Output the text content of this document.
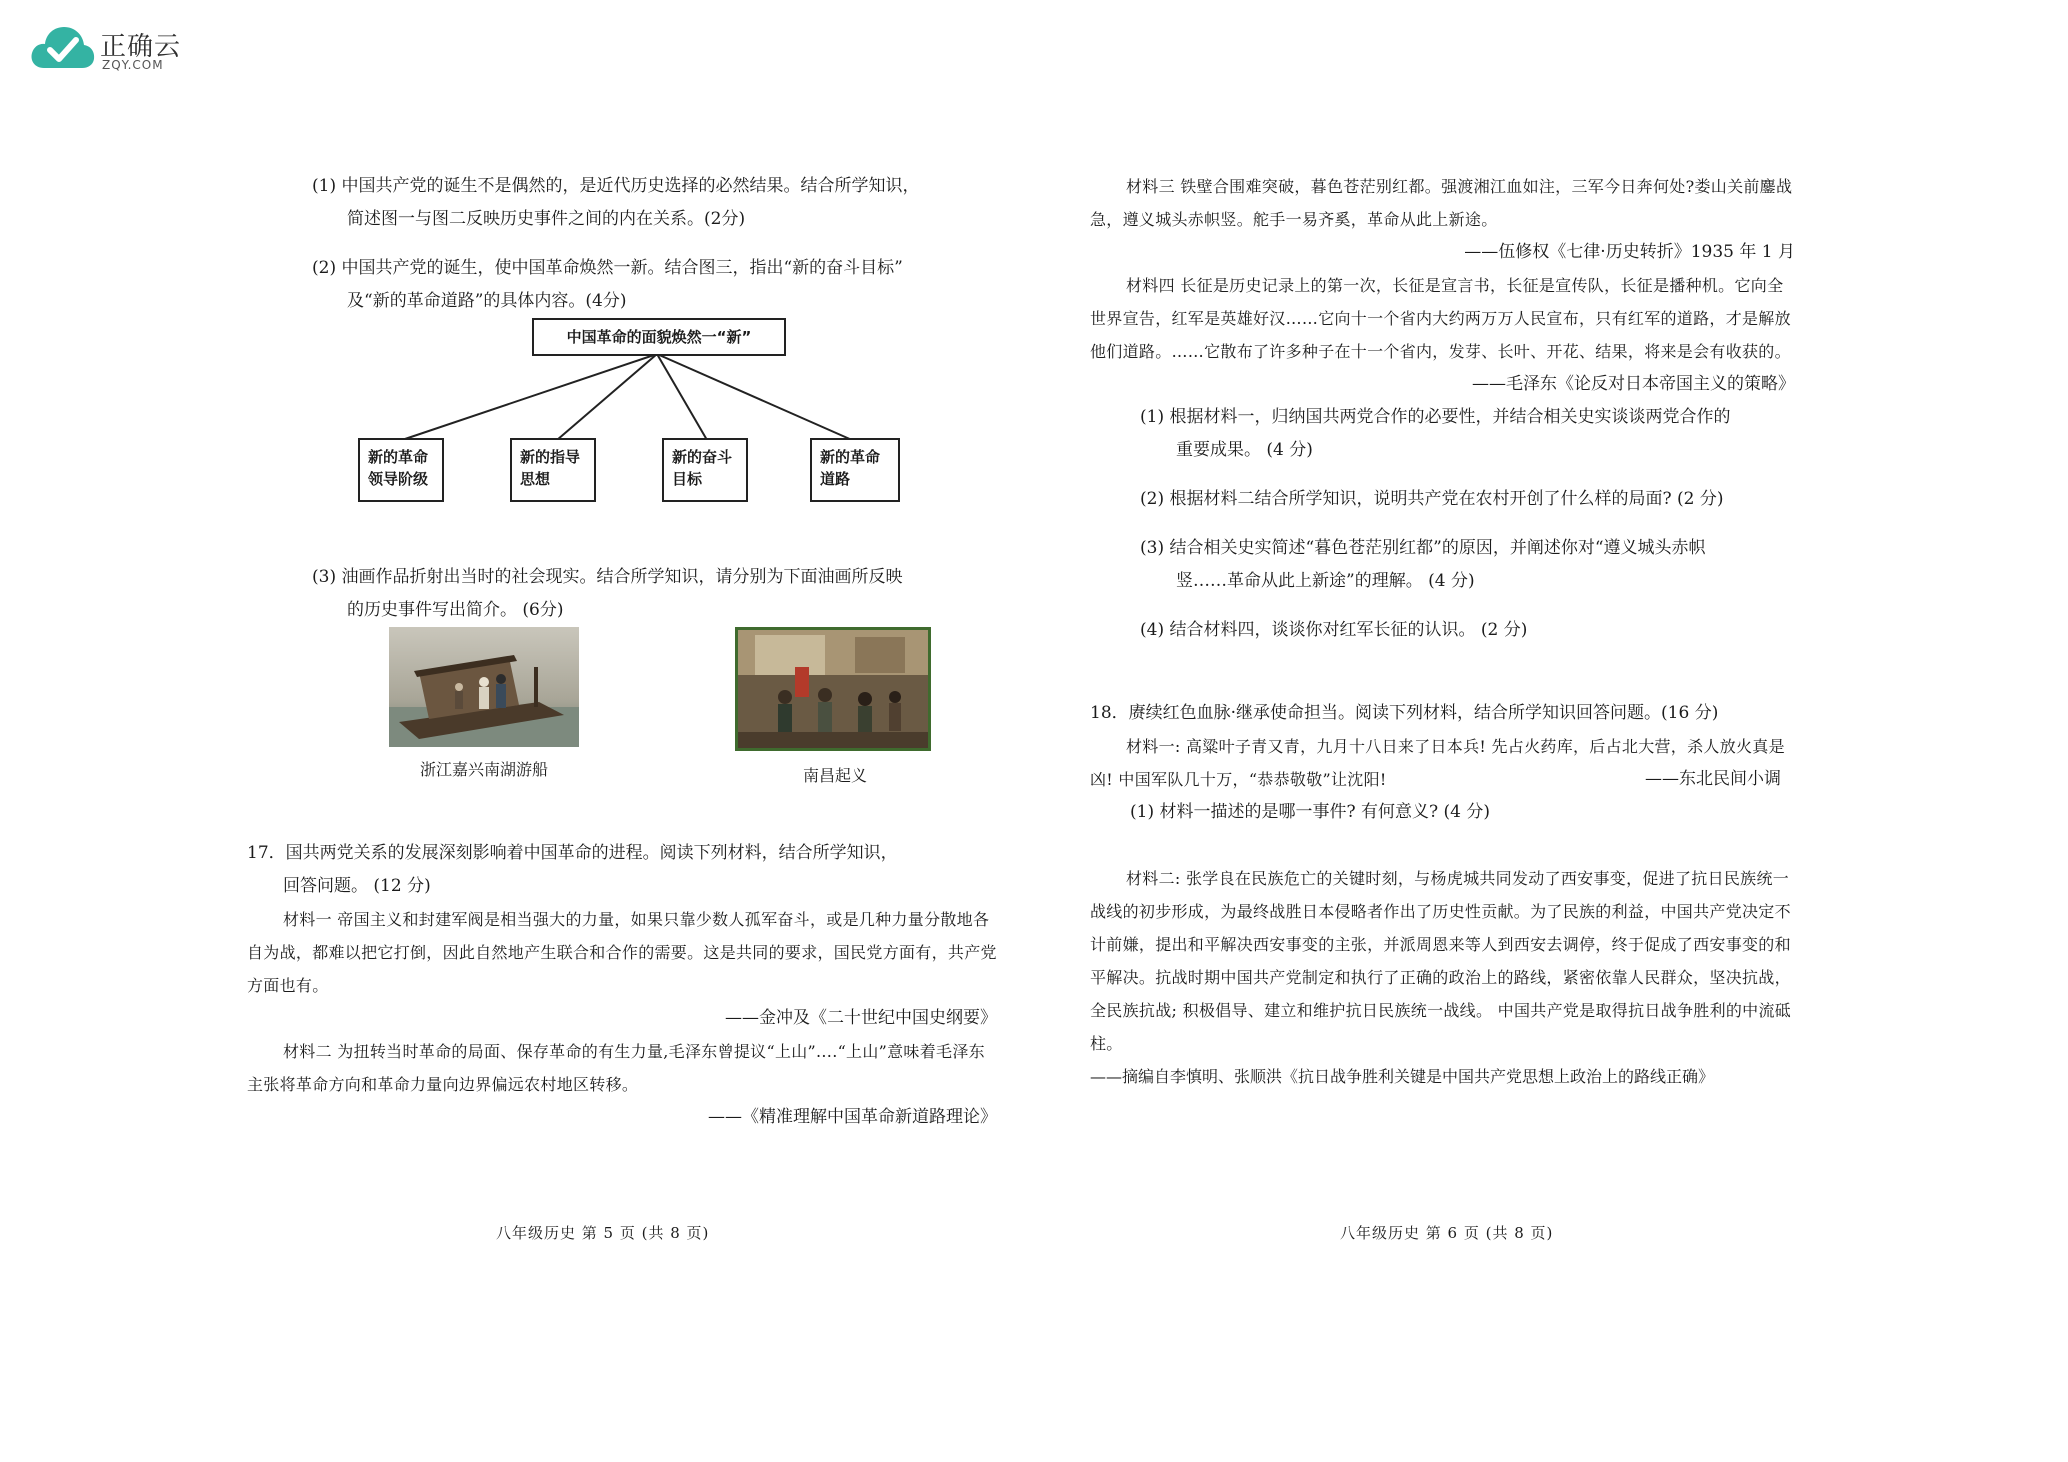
正确云
ZQY.COM

(1) 中国共产党的诞生不是偶然的，是近代历史选择的必然结果。结合所学知识，

简述图一与图二反映历史事件之间的内在关系。(2分)

(2) 中国共产党的诞生，使中国革命焕然一新。结合图三，指出“新的奋斗目标”

及“新的革命道路”的具体内容。(4分)

中国革命的面貌焕然一“新”
新的革命领导阶级
新的指导思想
新的奋斗目标
新的革命道路

(3) 油画作品折射出当时的社会现实。结合所学知识，请分别为下面油画所反映

的历史事件写出简介。 (6分)

浙江嘉兴南湖游船	南昌起义

17．国共两党关系的发展深刻影响着中国革命的进程。阅读下列材料，结合所学知识，

回答问题。 (12 分)

材料一 帝国主义和封建军阀是相当强大的力量，如果只靠少数人孤军奋斗，或是几种力量分散地各自为战，都难以把它打倒，因此自然地产生联合和合作的需要。这是共同的要求，国民党方面有，共产党方面也有。

——金冲及《二十世纪中国史纲要》

材料二 为扭转当时革命的局面、保存革命的有生力量,毛泽东曾提议“上山”....“上山”意味着毛泽东主张将革命方向和革命力量向边界偏远农村地区转移。

——《精准理解中国革命新道路理论》

材料三 铁壁合围难突破，暮色苍茫别红都。强渡湘江血如注，三军今日奔何处?娄山关前鏖战急，遵义城头赤帜竖。舵手一易齐奚，革命从此上新途。

——伍修权《七律·历史转折》1935 年 1 月

材料四 长征是历史记录上的第一次，长征是宣言书，长征是宣传队，长征是播种机。它向全世界宣告，红军是英雄好汉……它向十一个省内大约两万万人民宣布，只有红军的道路，才是解放他们道路。……它散布了许多种子在十一个省内，发芽、长叶、开花、结果，将来是会有收获的。

——毛泽东《论反对日本帝国主义的策略》

(1) 根据材料一，归纳国共两党合作的必要性，并结合相关史实谈谈两党合作的

重要成果。 (4 分)

(2) 根据材料二结合所学知识，说明共产党在农村开创了什么样的局面? (2 分)

(3) 结合相关史实简述“暮色苍茫别红都”的原因，并阐述你对“遵义城头赤帜

竖……革命从此上新途”的理解。 (4 分)

(4) 结合材料四，谈谈你对红军长征的认识。 (2 分)

18．赓续红色血脉·继承使命担当。阅读下列材料，结合所学知识回答问题。(16 分)

材料一: 高粱叶子青又青，九月十八日来了日本兵! 先占火药库，后占北大营，杀人放火真是凶! 中国军队几十万，“恭恭敬敬”让沈阳!	——东北民间小调

(1) 材料一描述的是哪一事件? 有何意义? (4 分)

材料二: 张学良在民族危亡的关键时刻，与杨虎城共同发动了西安事变，促进了抗日民族统一战线的初步形成，为最终战胜日本侵略者作出了历史性贡献。为了民族的利益，中国共产党决定不计前嫌，提出和平解决西安事变的主张，并派周恩来等人到西安去调停，终于促成了西安事变的和平解决。抗战时期中国共产党制定和执行了正确的政治上的路线，紧密依靠人民群众，坚决抗战，全民族抗战; 积极倡导、建立和维护抗日民族统一战线。 中国共产党是取得抗日战争胜利的中流砥柱。

——摘编自李慎明、张顺洪《抗日战争胜利关键是中国共产党思想上政治上的路线正确》

八年级历史 第 5 页 (共 8 页)	八年级历史 第 6 页 (共 8 页)
